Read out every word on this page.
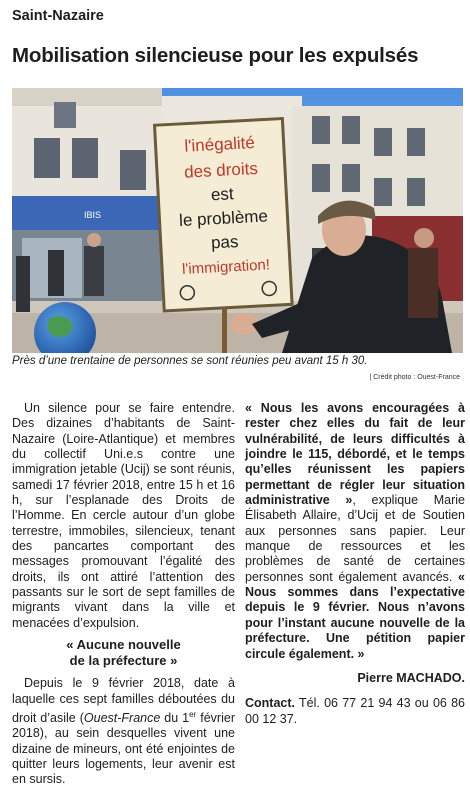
Saint-Nazaire
Mobilisation silencieuse pour les expulsés
IBIS
l'inégalité
des droits
est
le problème
pas
l'immigration!
Près d’une trentaine de personnes se sont réunies peu avant 15 h 30.
| Crédit photo : Ouest-France

Un silence pour se faire entendre. Des dizaines d’habitants de Saint-Nazaire (Loire-Atlantique) et membres du collectif Uni.e.s contre une immigration jetable (Ucij) se sont réunis, samedi 17 février 2018, entre 15 h et 16 h, sur l’esplanade des Droits de l’Homme. En cercle autour d’un globe terrestre, immobiles, silencieux, tenant des pancartes comportant des messages promouvant l’égalité des droits, ils ont attiré l’attention des passants sur le sort de sept familles de migrants vivant dans la ville et menacées d’expulsion.

« Aucune nouvelle
de la préfecture »

Depuis le 9 février 2018, date à laquelle ces sept familles déboutées du droit d’asile (Ouest-France du 1er février 2018), au sein desquelles vivent une dizaine de mineurs, ont été enjointes de quitter leurs logements, leur avenir est en sursis.

« Nous les avons encouragées à rester chez elles du fait de leur vulnérabilité, de leurs difficultés à joindre le 115, débordé, et le temps qu’elles réunissent les papiers permettant de régler leur situation administrative », explique Marie Élisabeth Allaire, d’Ucij et de Soutien aux personnes sans papier. Leur manque de ressources et les problèmes de santé de certaines personnes sont également avancés. « Nous sommes dans l’expectative depuis le 9 février. Nous n’avons pour l’instant aucune nouvelle de la préfecture. Une pétition papier circule également. »

Pierre MACHADO.

Contact. Tél. 06 77 21 94 43 ou 06 86 00 12 37.
